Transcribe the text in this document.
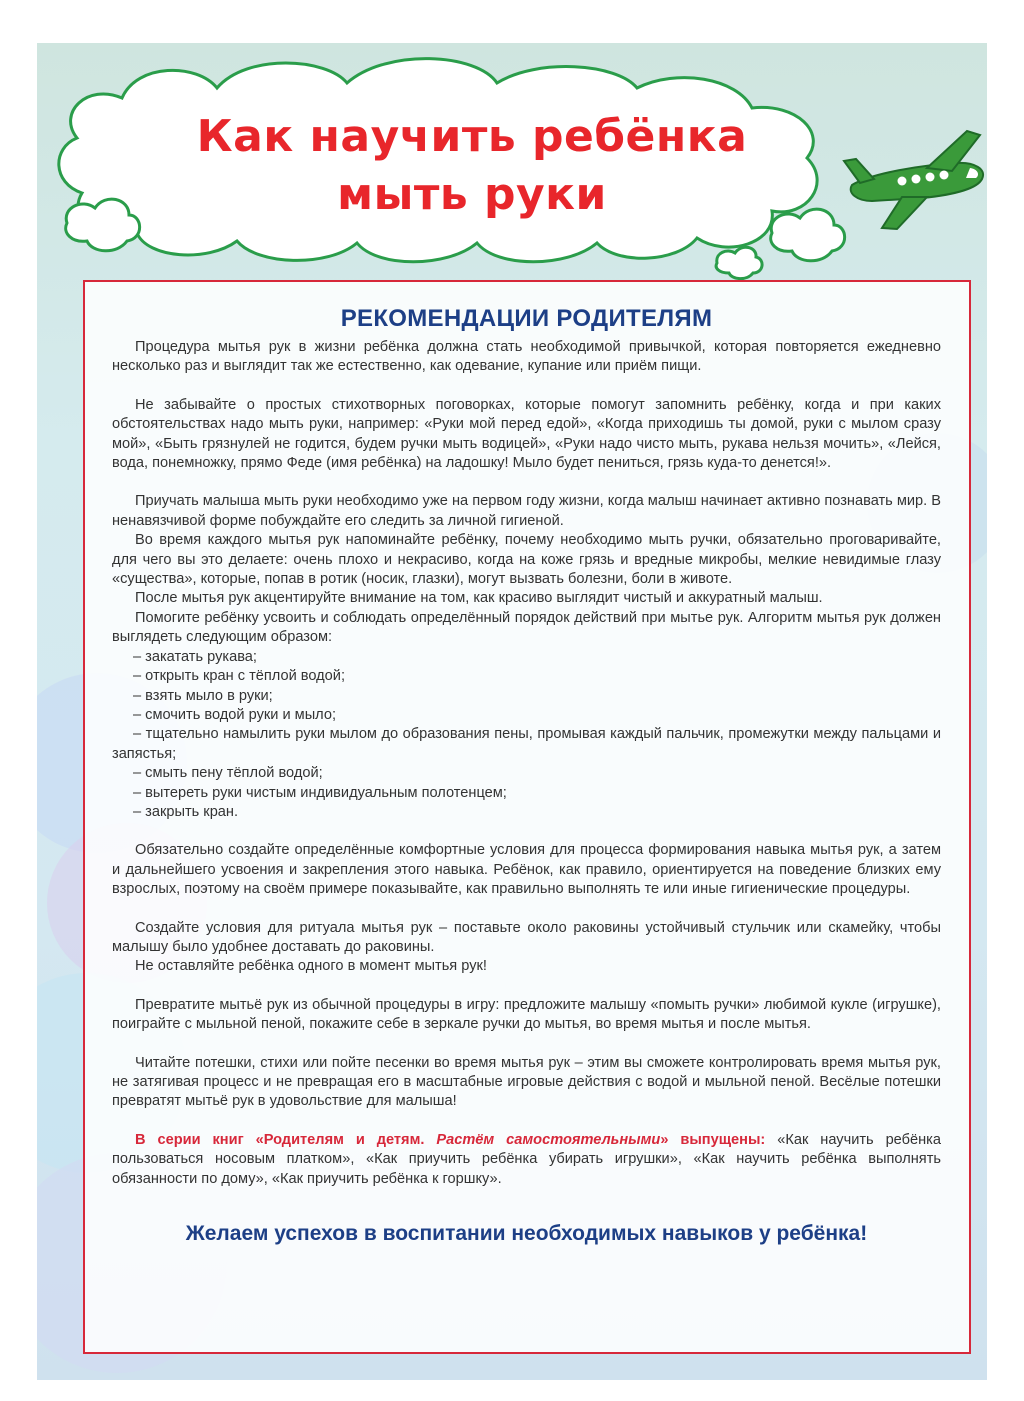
Как научить ребёнка
мыть руки
РЕКОМЕНДАЦИИ РОДИТЕЛЯМ

Процедура мытья рук в жизни ребёнка должна стать необходимой привычкой, которая повторяется ежедневно несколько раз и выглядит так же естественно, как одевание, купание или приём пищи.

Не забывайте о простых стихотворных поговорках, которые помогут запомнить ребёнку, когда и при каких обстоятельствах надо мыть руки, например: «Руки мой перед едой», «Когда приходишь ты домой, руки с мылом сразу мой», «Быть грязнулей не годится, будем ручки мыть водицей», «Руки надо чисто мыть, рукава нельзя мочить», «Лейся, вода, понемножку, прямо Феде (имя ребёнка) на ладошку! Мыло будет пениться, грязь куда-то денется!».

Приучать малыша мыть руки необходимо уже на первом году жизни, когда малыш начинает активно познавать мир. В ненавязчивой форме побуждайте его следить за личной гигиеной.

Во время каждого мытья рук напоминайте ребёнку, почему необходимо мыть ручки, обязательно проговаривайте, для чего вы это делаете: очень плохо и некрасиво, когда на коже грязь и вредные микробы, мелкие невидимые глазу «существа», которые, попав в ротик (носик, глазки), могут вызвать болезни, боли в животе.

После мытья рук акцентируйте внимание на том, как красиво выглядит чистый и аккуратный малыш.

Помогите ребёнку усвоить и соблюдать определённый порядок действий при мытье рук. Алгоритм мытья рук должен выглядеть следующим образом:

– закатать рукава;

– открыть кран с тёплой водой;

– взять мыло в руки;

– смочить водой руки и мыло;

– тщательно намылить руки мылом до образования пены, промывая каждый пальчик, промежутки между пальцами и запястья;

– смыть пену тёплой водой;

– вытереть руки чистым индивидуальным полотенцем;

– закрыть кран.

Обязательно создайте определённые комфортные условия для процесса формирования навыка мытья рук, а затем и дальнейшего усвоения и закрепления этого навыка. Ребёнок, как правило, ориентируется на поведение близких ему взрослых, поэтому на своём примере показывайте, как правильно выполнять те или иные гигиенические процедуры.

Создайте условия для ритуала мытья рук – поставьте около раковины устойчивый стульчик или скамейку, чтобы малышу было удобнее доставать до раковины.

Не оставляйте ребёнка одного в момент мытья рук!

Превратите мытьё рук из обычной процедуры в игру: предложите малышу «помыть ручки» любимой кукле (игрушке), поиграйте с мыльной пеной, покажите себе в зеркале ручки до мытья, во время мытья и после мытья.

Читайте потешки, стихи или пойте песенки во время мытья рук – этим вы сможете контролировать время мытья рук, не затягивая процесс и не превращая его в масштабные игровые действия с водой и мыльной пеной. Весёлые потешки превратят мытьё рук в удовольствие для малыша!

В серии книг «Родителям и детям. Растём самостоятельными» выпущены: «Как научить ребёнка пользоваться носовым платком», «Как приучить ребёнка убирать игрушки», «Как научить ребёнка выполнять обязанности по дому», «Как приучить ребёнка к горшку».

Желаем успехов в воспитании необходимых навыков у ребёнка!
